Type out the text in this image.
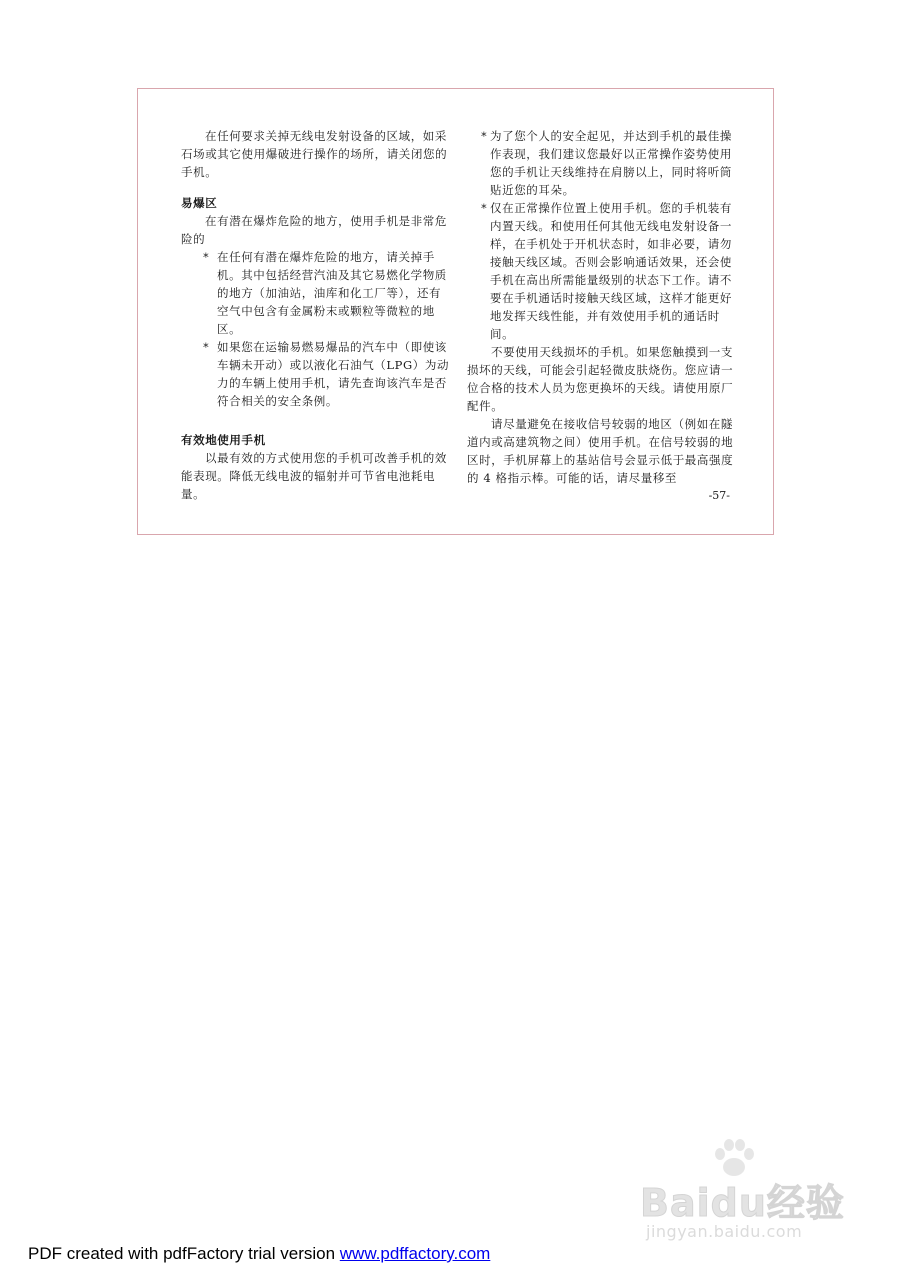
在任何要求关掉无线电发射设备的区域，如采石场或其它使用爆破进行操作的场所，请关闭您的手机。

易爆区

在有潜在爆炸危险的地方，使用手机是非常危险的

* 在任何有潜在爆炸危险的地方，请关掉手机。其中包括经营汽油及其它易燃化学物质的地方（加油站，油库和化工厂等），还有空气中包含有金属粉末或颗粒等微粒的地区。
* 如果您在运输易燃易爆品的汽车中（即使该车辆未开动）或以液化石油气（LPG）为动力的车辆上使用手机，请先查询该汽车是否符合相关的安全条例。
有效地使用手机

以最有效的方式使用您的手机可改善手机的效能表现。降低无线电波的辐射并可节省电池耗电量。

* 为了您个人的安全起见，并达到手机的最佳操作表现，我们建议您最好以正常操作姿势使用您的手机让天线维持在肩膀以上，同时将听筒贴近您的耳朵。
* 仅在正常操作位置上使用手机。您的手机装有内置天线。和使用任何其他无线电发射设备一样，在手机处于开机状态时，如非必要，请勿接触天线区域。否则会影响通话效果，还会使手机在高出所需能量级别的状态下工作。请不要在手机通话时接触天线区域，这样才能更好地发挥天线性能，并有效使用手机的通话时间。

不要使用天线损坏的手机。如果您触摸到一支损坏的天线，可能会引起轻微皮肤烧伤。您应请一位合格的技术人员为您更换坏的天线。请使用原厂配件。

请尽量避免在接收信号较弱的地区（例如在隧道内或高建筑物之间）使用手机。在信号较弱的地区时，手机屏幕上的基站信号会显示低于最高强度的 4 格指示棒。可能的话，请尽量移至

-57-
Baidu经验
jingyan.baidu.com
PDF created with pdfFactory trial version www.pdffactory.com
